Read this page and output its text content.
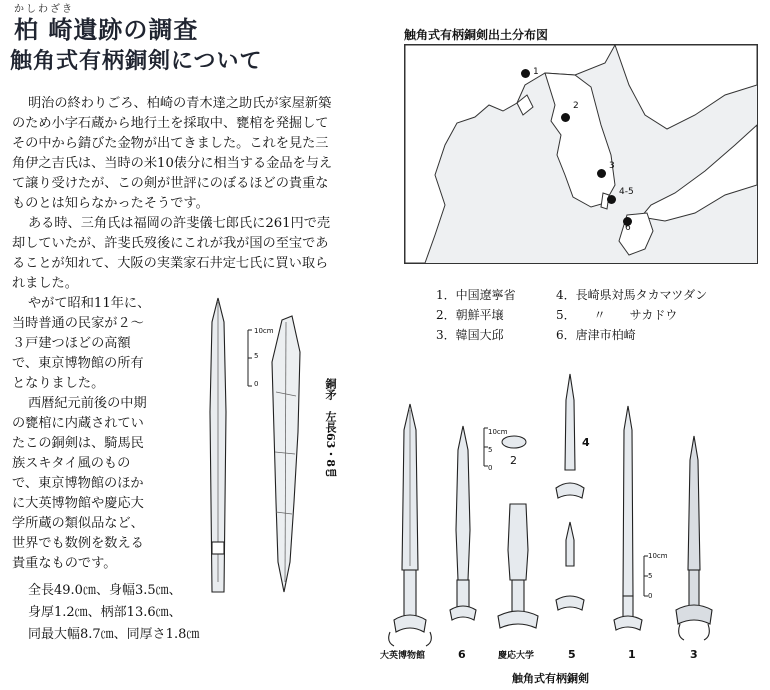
かしわざき
柏 崎遺跡の調査
触角式有柄銅剣について
明治の終わりごろ、柏崎の青木達之助氏が家屋新築
のため小字石蔵から地行土を採取中、甕棺を発掘して
その中から錆びた金物が出てきました。これを見た三
角伊之吉氏は、当時の米10俵分に相当する金品を与え
て譲り受けたが、この剣が世評にのぼるほどの貴重な
ものとは知らなかったそうです。
ある時、三角氏は福岡の許斐儀七郎氏に261円で売
却していたが、許斐氏歿後にこれが我が国の至宝であ
ることが知れて、大阪の実業家石井定七氏に買い取ら
れました。
やがて昭和11年に、
当時普通の民家が２～
３戸建つほどの高額
で、東京博物館の所有
となりました。
西暦紀元前後の中期
の甕棺に内蔵されてい
たこの銅剣は、騎馬民
族スキタイ風のもの
で、東京博物館のほか
に大英博物館や慶応大
学所蔵の類似品など、
世界でも数例を数える
貴重なものです。
全長49.0㎝、身幅3.5㎝、
身厚1.2㎝、柄部13.6㎝、
同最大幅8.7㎝、同厚さ1.8㎝
10cm
5
0	銅矛　左長63・8㎝
触角式有柄銅剣出土分布図
1
2
3
4-5
6
1．中国遼寧省	4．長崎県対馬タカマツダン
2．朝鮮平壌	5．　　〃　　サカドウ
3．韓国大邱	6．唐津市柏崎
10cm
5
0
2
10cm
5
0
大英博物館	6	慶応大学	5	1	3
4
触角式有柄銅剣
